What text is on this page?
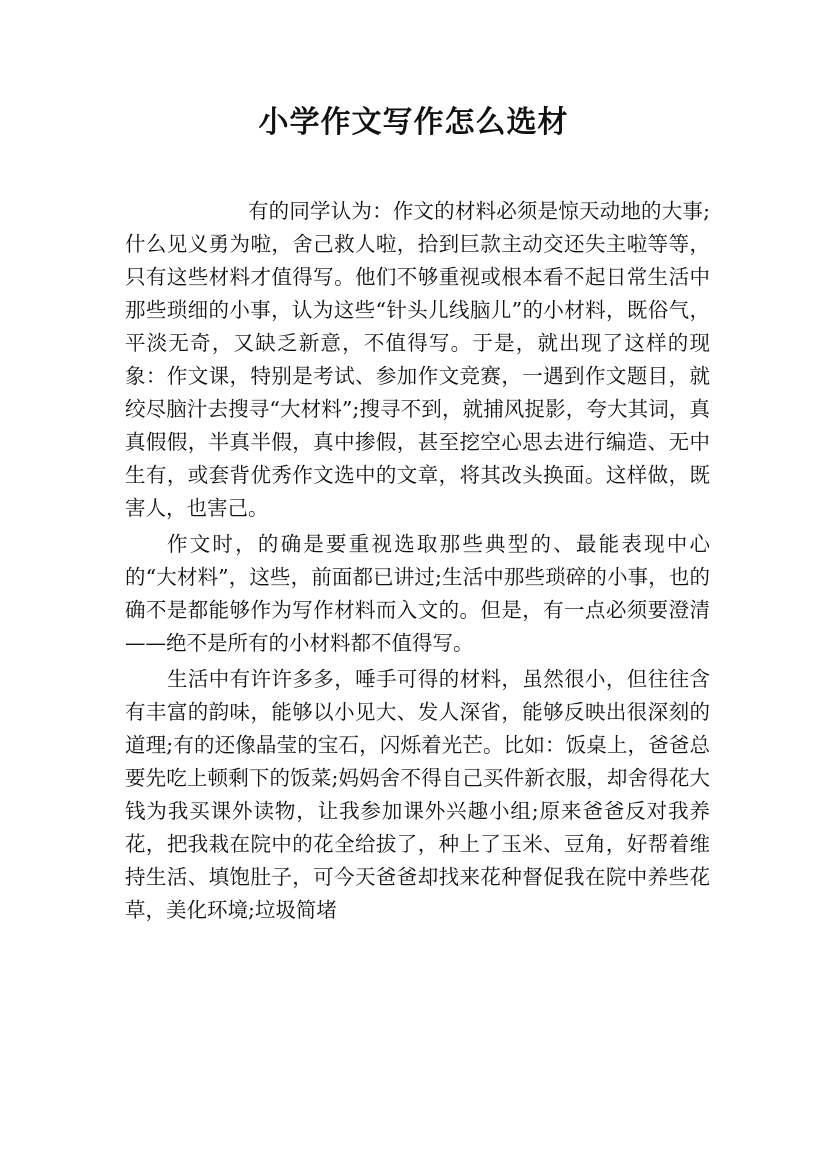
小学作文写作怎么选材

有的同学认为：作文的材料必须是惊天动地的大事;什么见义勇为啦，舍己救人啦，拾到巨款主动交还失主啦等等，只有这些材料才值得写。他们不够重视或根本看不起日常生活中那些琐细的小事，认为这些“针头儿线脑儿”的小材料，既俗气，平淡无奇，又缺乏新意，不值得写。于是，就出现了这样的现象：作文课，特别是考试、参加作文竞赛，一遇到作文题目，就绞尽脑汁去搜寻“大材料”;搜寻不到，就捕风捉影，夸大其词，真真假假，半真半假，真中掺假，甚至挖空心思去进行编造、无中生有，或套背优秀作文选中的文章，将其改头换面。这样做，既害人，也害己。

作文时，的确是要重视选取那些典型的、最能表现中心的“大材料”，这些，前面都已讲过;生活中那些琐碎的小事，也的确不是都能够作为写作材料而入文的。但是，有一点必须要澄清——绝不是所有的小材料都不值得写。

生活中有许许多多，唾手可得的材料，虽然很小，但往往含有丰富的韵味，能够以小见大、发人深省，能够反映出很深刻的道理;有的还像晶莹的宝石，闪烁着光芒。比如：饭桌上，爸爸总要先吃上顿剩下的饭菜;妈妈舍不得自己买件新衣服，却舍得花大钱为我买课外读物，让我参加课外兴趣小组;原来爸爸反对我养花，把我栽在院中的花全给拔了，种上了玉米、豆角，好帮着维持生活、填饱肚子，可今天爸爸却找来花种督促我在院中养些花草，美化环境;垃圾简堵
